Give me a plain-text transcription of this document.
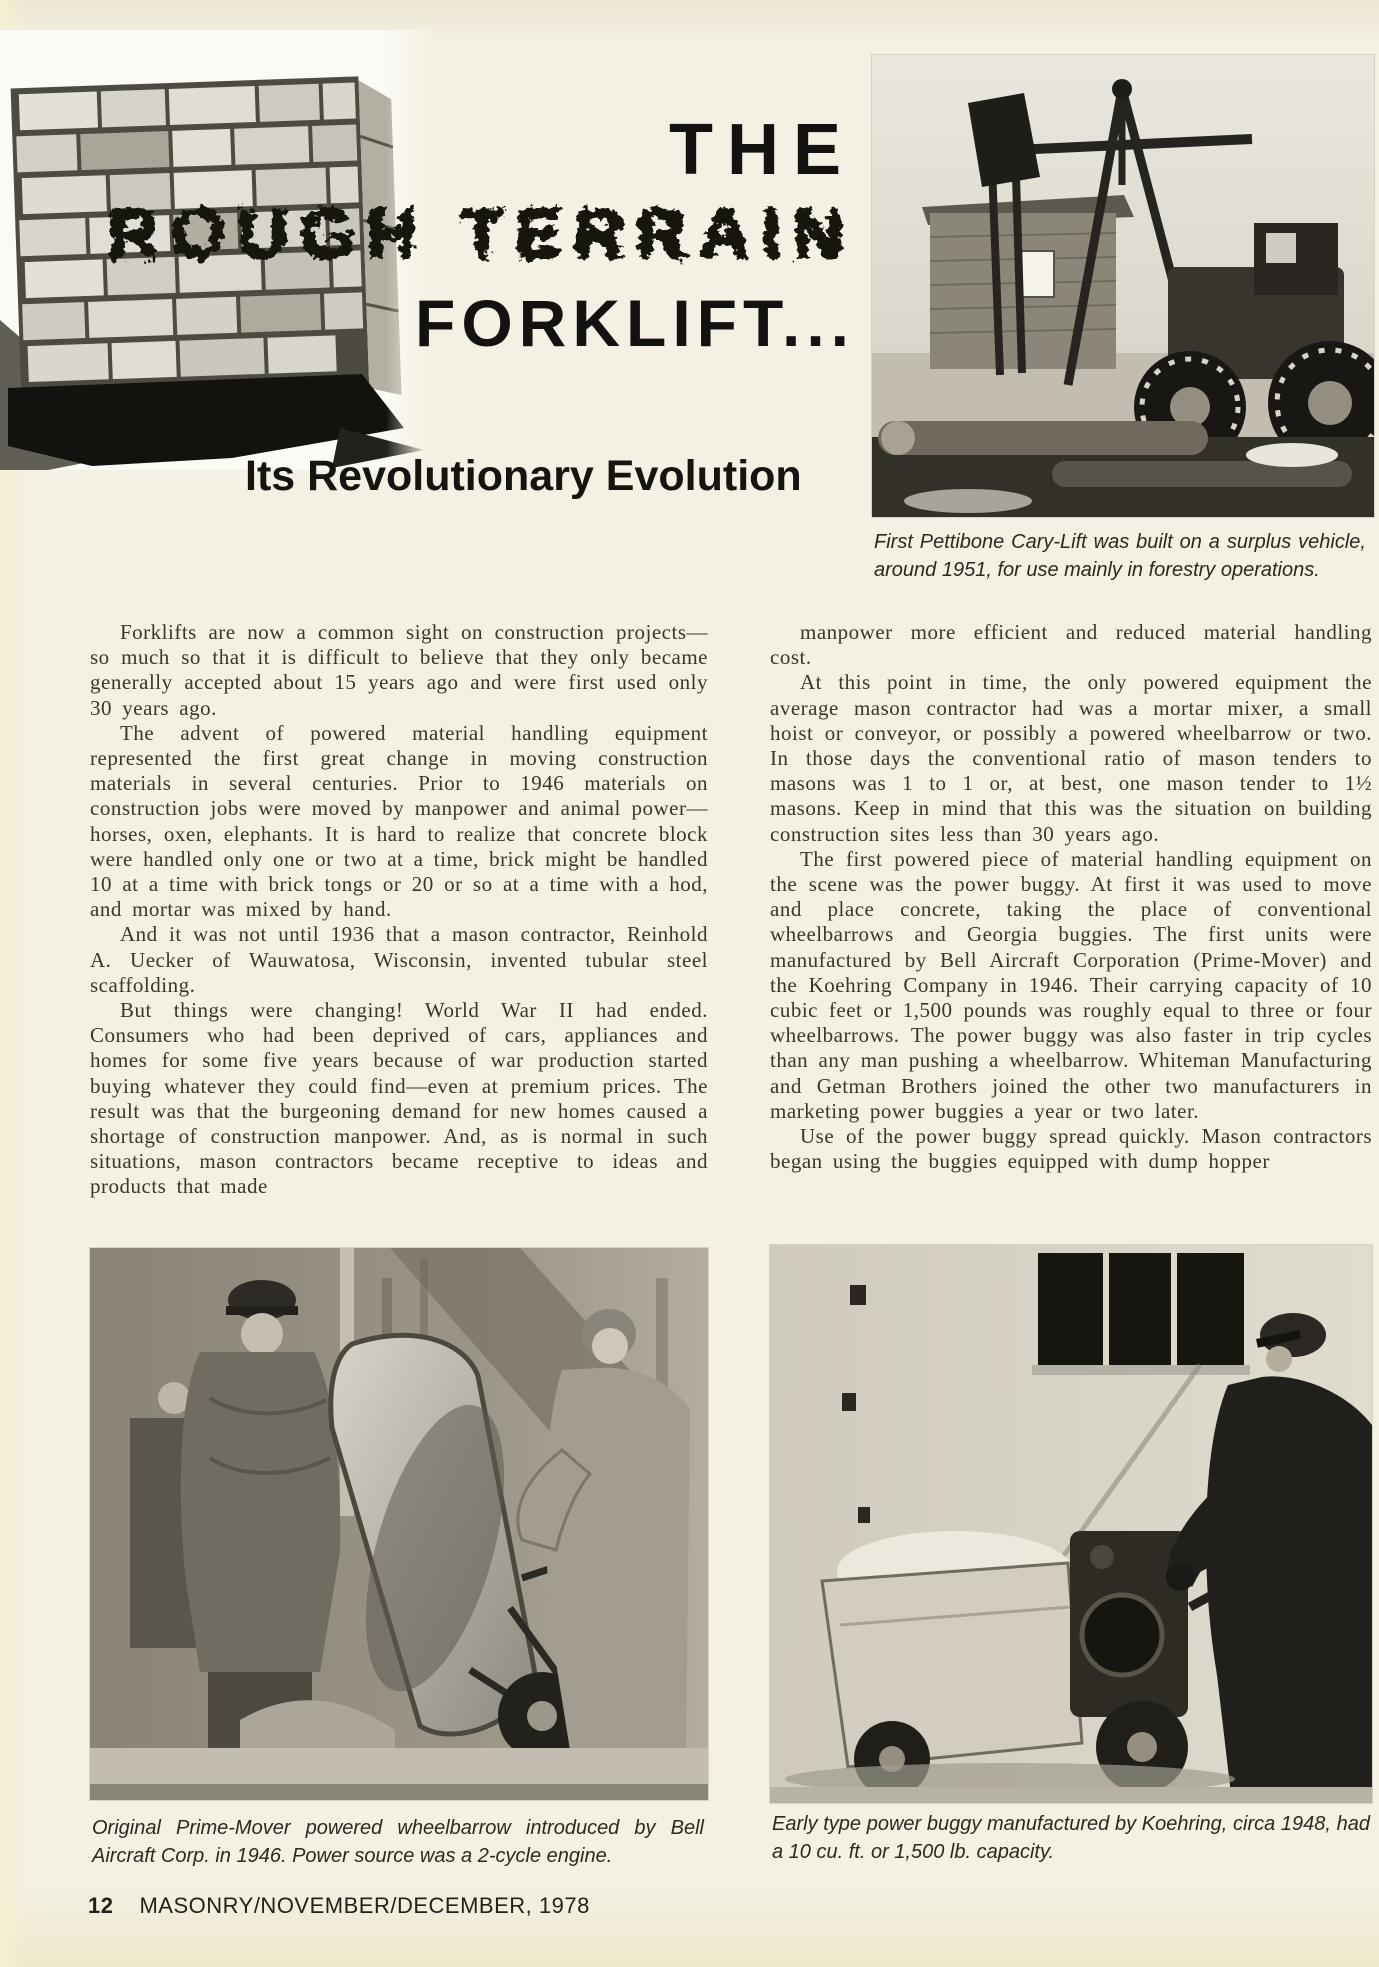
THE
ROUGH TERRAIN
FORKLIFT...
Its Revolutionary Evolution
First Pettibone Cary-Lift was built on a surplus vehicle, around 1951, for use mainly in forestry operations.

Forklifts are now a common sight on construction projects—so much so that it is difficult to believe that they only became generally accepted about 15 years ago and were first used only 30 years ago.

The advent of powered material handling equipment represented the first great change in moving construction materials in several centuries. Prior to 1946 materials on construction jobs were moved by manpower and animal power—horses, oxen, elephants. It is hard to realize that concrete block were handled only one or two at a time, brick might be handled 10 at a time with brick tongs or 20 or so at a time with a hod, and mortar was mixed by hand.

And it was not until 1936 that a mason contractor, Reinhold A. Uecker of Wauwatosa, Wisconsin, invented tubular steel scaffolding.

But things were changing! World War II had ended. Consumers who had been deprived of cars, appliances and homes for some five years because of war production started buying whatever they could find—even at premium prices. The result was that the burgeoning demand for new homes caused a shortage of construction manpower. And, as is normal in such situations, mason contractors became receptive to ideas and products that made

manpower more efficient and reduced material handling cost.

At this point in time, the only powered equipment the average mason contractor had was a mortar mixer, a small hoist or conveyor, or possibly a powered wheelbarrow or two. In those days the conventional ratio of mason tenders to masons was 1 to 1 or, at best, one mason tender to 1½ masons. Keep in mind that this was the situation on building construction sites less than 30 years ago.

The first powered piece of material handling equipment on the scene was the power buggy. At first it was used to move and place concrete, taking the place of conventional wheelbarrows and Georgia buggies. The first units were manufactured by Bell Aircraft Corporation (Prime-Mover) and the Koehring Company in 1946. Their carrying capacity of 10 cubic feet or 1,500 pounds was roughly equal to three or four wheelbarrows. The power buggy was also faster in trip cycles than any man pushing a wheelbarrow. Whiteman Manufacturing and Getman Brothers joined the other two manufacturers in marketing power buggies a year or two later.

Use of the power buggy spread quickly. Mason contractors began using the buggies equipped with dump hopper

Original Prime-Mover powered wheelbarrow introduced by Bell Aircraft Corp. in 1946. Power source was a 2-cycle engine.
Early type power buggy manufactured by Koehring, circa 1948, had a 10 cu. ft. or 1,500 lb. capacity.
12 MASONRY/NOVEMBER/DECEMBER, 1978
